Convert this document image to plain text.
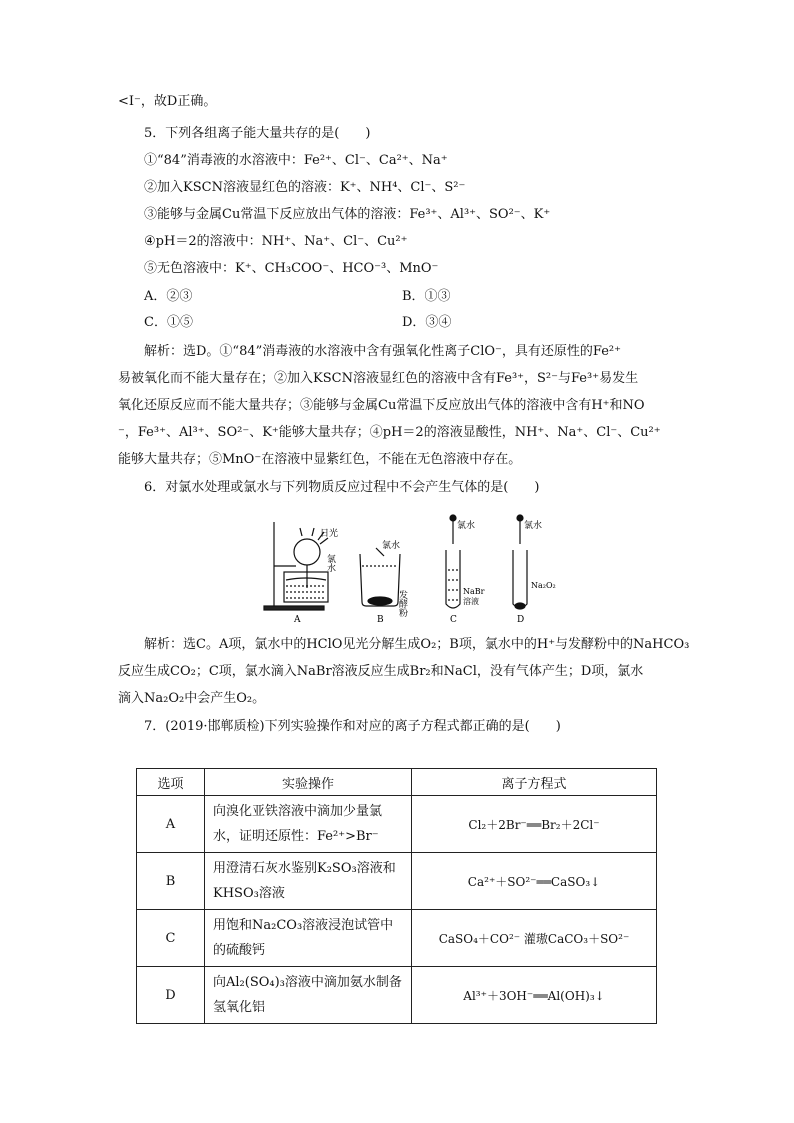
<I⁻，故D正确。
5．下列各组离子能大量共存的是(　　)
①“84”消毒液的水溶液中：Fe²⁺、Cl⁻、Ca²⁺、Na⁺
②加入KSCN溶液显红色的溶液：K⁺、NH⁴、Cl⁻、S²⁻
③能够与金属Cu常温下反应放出气体的溶液：Fe³⁺、Al³⁺、SO²⁻、K⁺
④pH＝2的溶液中：NH⁺、Na⁺、Cl⁻、Cu²⁺
⑤无色溶液中：K⁺、CH₃COO⁻、HCO⁻³、MnO⁻
A．②③	B．①③
C．①⑤	D．③④
解析：选D。①“84”消毒液的水溶液中含有强氧化性离子ClO⁻，具有还原性的Fe²⁺
易被氧化而不能大量存在；②加入KSCN溶液显红色的溶液中含有Fe³⁺，S²⁻与Fe³⁺易发生
氧化还原反应而不能大量共存；③能够与金属Cu常温下反应放出气体的溶液中含有H⁺和NO
⁻，Fe³⁺、Al³⁺、SO²⁻、K⁺能够大量共存；④pH＝2的溶液显酸性，NH⁺、Na⁺、Cl⁻、Cu²⁺
能够大量共存；⑤MnO⁻在溶液中显紫红色，不能在无色溶液中存在。
6．对氯水处理或氯水与下列物质反应过程中不会产生气体的是(　　)
日光
氯水
氯水
发酵粉
氯水
NaBr
溶液
氯水
Na₂O₂
A	B	C	D
解析：选C。A项，氯水中的HClO见光分解生成O₂；B项，氯水中的H⁺与发酵粉中的NaHCO₃
反应生成CO₂；C项，氯水滴入NaBr溶液反应生成Br₂和NaCl，没有气体产生；D项，氯水
滴入Na₂O₂中会产生O₂。
7．(2019·邯郸质检)下列实验操作和对应的离子方程式都正确的是(　　)
选项	实验操作	离子方程式
A	向溴化亚铁溶液中滴加少量氯水，证明还原性：Fe²⁺>Br⁻	Cl₂＋2Br⁻══Br₂＋2Cl⁻
B	用澄清石灰水鉴别K₂SO₃溶液和KHSO₃溶液	Ca²⁺＋SO²⁻══CaSO₃↓
C	用饱和Na₂CO₃溶液浸泡试管中的硫酸钙	CaSO₄＋CO²⁻ 灌璈CaCO₃＋SO²⁻
D	向Al₂(SO₄)₃溶液中滴加氨水制备氢氧化铝	Al³⁺＋3OH⁻══Al(OH)₃↓
